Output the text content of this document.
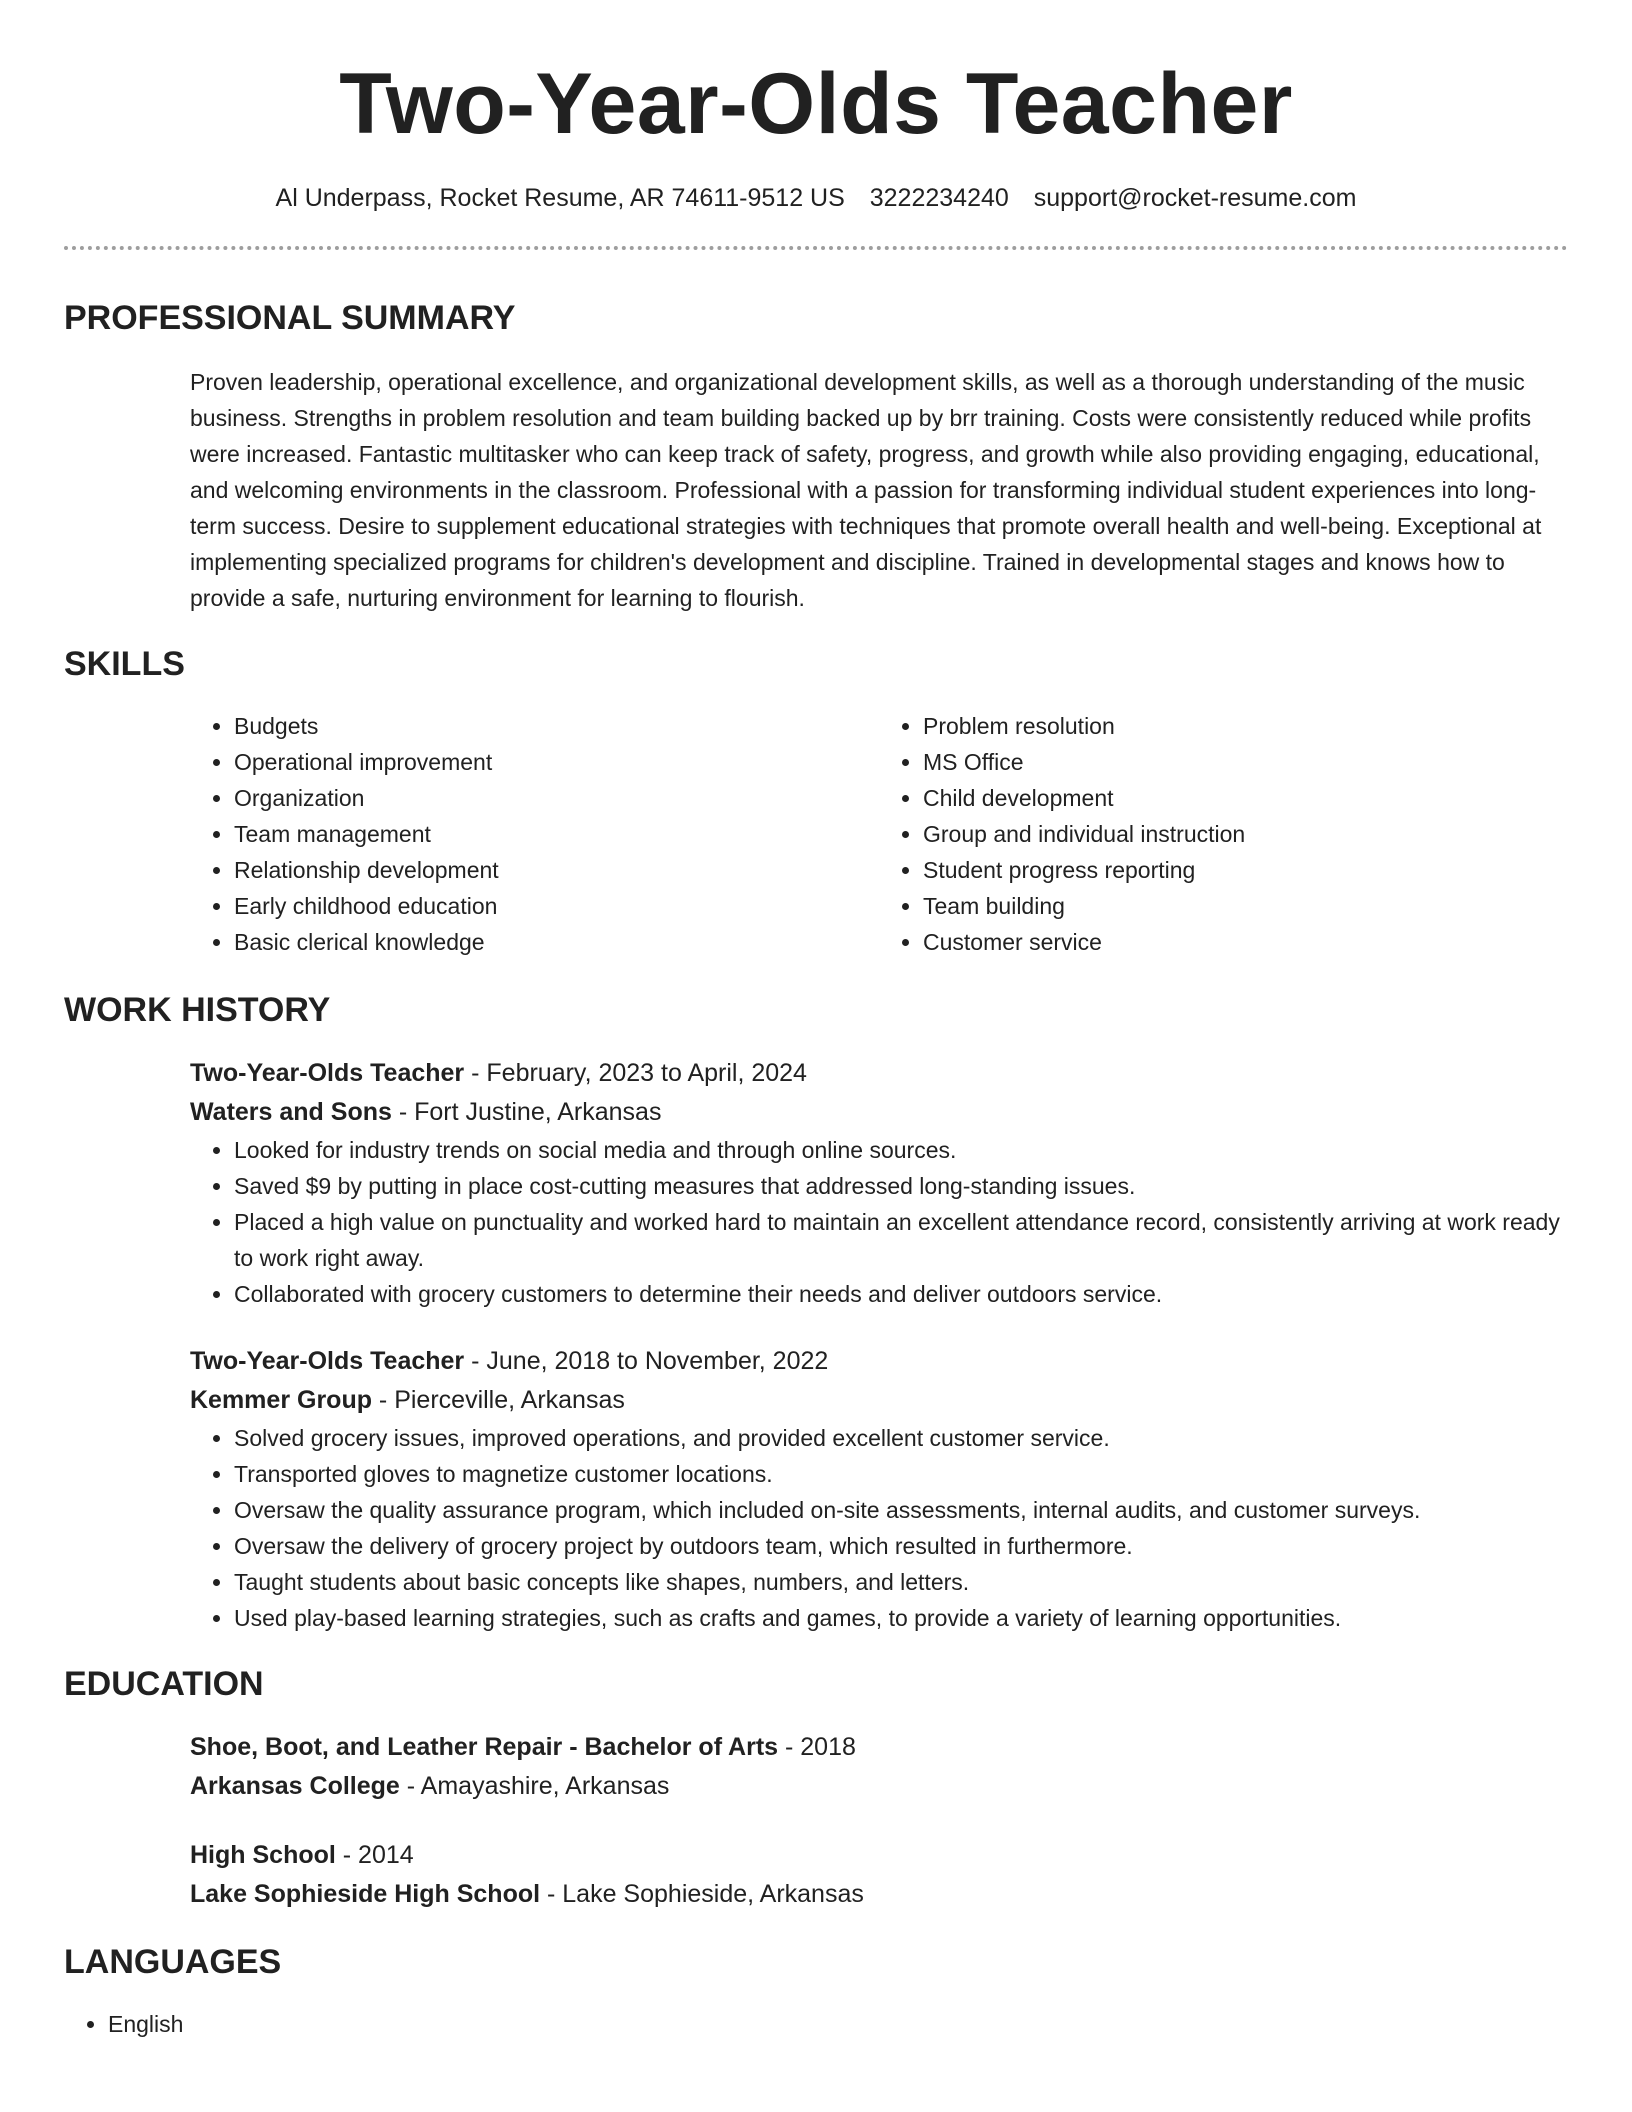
Two-Year-Olds Teacher
Al Underpass, Rocket Resume, AR 74611-9512 US 3222234240 support@rocket-resume.com
PROFESSIONAL SUMMARY

Proven leadership, operational excellence, and organizational development skills, as well as a thorough understanding of the music business. Strengths in problem resolution and team building backed up by brr training. Costs were consistently reduced while profits were increased. Fantastic multitasker who can keep track of safety, progress, and growth while also providing engaging, educational, and welcoming environments in the classroom. Professional with a passion for transforming individual student experiences into long-term success. Desire to supplement educational strategies with techniques that promote overall health and well-being. Exceptional at implementing specialized programs for children's development and discipline. Trained in developmental stages and knows how to provide a safe, nurturing environment for learning to flourish.

SKILLS
• Budgets
• Operational improvement
• Organization
• Team management
• Relationship development
• Early childhood education
• Basic clerical knowledge
• Problem resolution
• MS Office
• Child development
• Group and individual instruction
• Student progress reporting
• Team building
• Customer service
WORK HISTORY
Two-Year-Olds Teacher - February, 2023 to April, 2024
Waters and Sons - Fort Justine, Arkansas
• Looked for industry trends on social media and through online sources.
• Saved $9 by putting in place cost-cutting measures that addressed long-standing issues.
• Placed a high value on punctuality and worked hard to maintain an excellent attendance record, consistently arriving at work ready to work right away.
• Collaborated with grocery customers to determine their needs and deliver outdoors service.
Two-Year-Olds Teacher - June, 2018 to November, 2022
Kemmer Group - Pierceville, Arkansas
• Solved grocery issues, improved operations, and provided excellent customer service.
• Transported gloves to magnetize customer locations.
• Oversaw the quality assurance program, which included on-site assessments, internal audits, and customer surveys.
• Oversaw the delivery of grocery project by outdoors team, which resulted in furthermore.
• Taught students about basic concepts like shapes, numbers, and letters.
• Used play-based learning strategies, such as crafts and games, to provide a variety of learning opportunities.
EDUCATION
Shoe, Boot, and Leather Repair - Bachelor of Arts - 2018
Arkansas College - Amayashire, Arkansas
High School - 2014
Lake Sophieside High School - Lake Sophieside, Arkansas
LANGUAGES
• English
